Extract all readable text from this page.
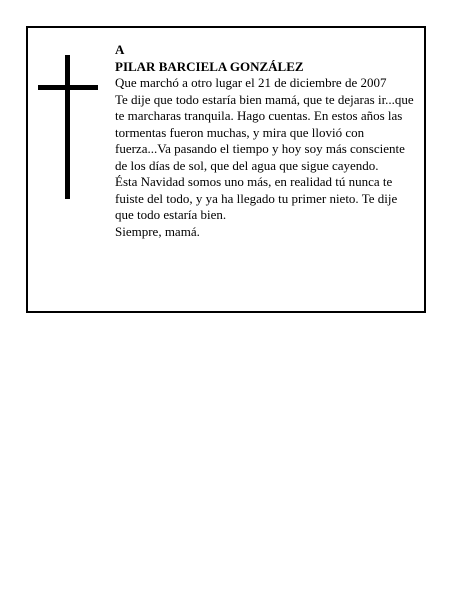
A

PILAR BARCIELA GONZÁLEZ

Que marchó a otro lugar el 21 de diciembre de 2007

Te dije que todo estaría bien mamá, que te dejaras ir...que te marcharas tranquila. Hago cuentas. En estos años las tormentas fueron muchas, y mira que llovió con fuerza...Va pasando el tiempo y hoy soy más consciente de los días de sol, que del agua que sigue cayendo.

Ésta Navidad somos uno más, en realidad tú nunca te fuiste del todo, y ya ha llegado tu primer nieto. Te dije que todo estaría bien.

Siempre, mamá.
